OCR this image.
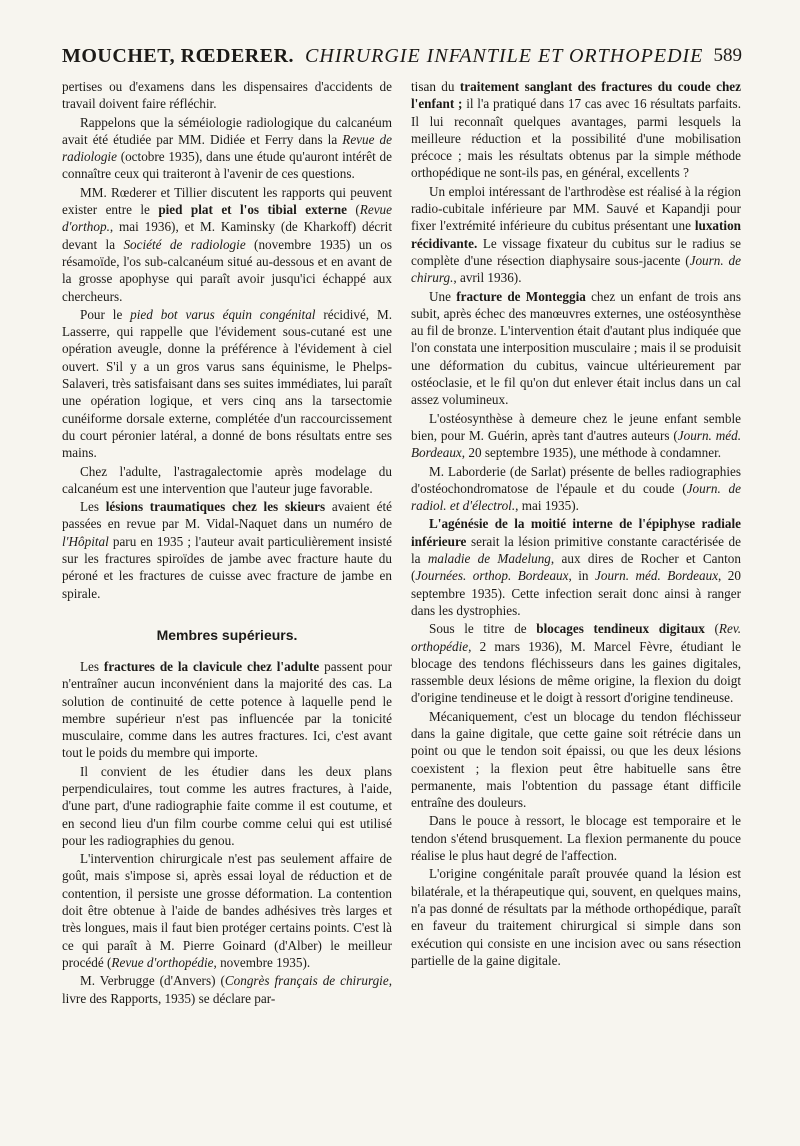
MOUCHET, RŒDERER. CHIRURGIE INFANTILE ET ORTHOPEDIE 589

pertises ou d'examens dans les dispensaires d'accidents de travail doivent faire réfléchir.

Rappelons que la séméiologie radiologique du calcanéum avait été étudiée par MM. Didiée et Ferry dans la Revue de radiologie (octobre 1935), dans une étude qu'auront intérêt de connaître ceux qui traiteront à l'avenir de ces questions.

MM. Rœderer et Tillier discutent les rapports qui peuvent exister entre le pied plat et l'os tibial externe (Revue d'orthop., mai 1936), et M. Kaminsky (de Kharkoff) décrit devant la Société de radiologie (novembre 1935) un os résamoïde, l'os sub-calcanéum situé au-dessous et en avant de la grosse apophyse qui paraît avoir jusqu'ici échappé aux chercheurs.

Pour le pied bot varus équin congénital récidivé, M. Lasserre, qui rappelle que l'évidement sous-cutané est une opération aveugle, donne la préférence à l'évidement à ciel ouvert. S'il y a un gros varus sans équinisme, le Phelps-Salaveri, très satisfaisant dans ses suites immédiates, lui paraît une opération logique, et vers cinq ans la tarsectomie cunéiforme dorsale externe, complétée d'un raccourcissement du court péronier latéral, a donné de bons résultats entre ses mains.

Chez l'adulte, l'astragalectomie après modelage du calcanéum est une intervention que l'auteur juge favorable.

Les lésions traumatiques chez les skieurs avaient été passées en revue par M. Vidal-Naquet dans un numéro de l'Hôpital paru en 1935 ; l'auteur avait particulièrement insisté sur les fractures spiroïdes de jambe avec fracture haute du péroné et les fractures de cuisse avec fracture de jambe en spirale.

Membres supérieurs.

Les fractures de la clavicule chez l'adulte passent pour n'entraîner aucun inconvénient dans la majorité des cas. La solution de continuité de cette potence à laquelle pend le membre supérieur n'est pas influencée par la tonicité musculaire, comme dans les autres fractures. Ici, c'est avant tout le poids du membre qui importe.

Il convient de les étudier dans les deux plans perpendiculaires, tout comme les autres fractures, à l'aide, d'une part, d'une radiographie faite comme il est coutume, et en second lieu d'un film courbe comme celui qui est utilisé pour les radiographies du genou.

L'intervention chirurgicale n'est pas seulement affaire de goût, mais s'impose si, après essai loyal de réduction et de contention, il persiste une grosse déformation. La contention doit être obtenue à l'aide de bandes adhésives très larges et très longues, mais il faut bien protéger certains points. C'est là ce qui paraît à M. Pierre Goinard (d'Alber) le meilleur procédé (Revue d'orthopédie, novembre 1935).

M. Verbrugge (d'Anvers) (Congrès français de chirurgie, livre des Rapports, 1935) se déclare par-

tisan du traitement sanglant des fractures du coude chez l'enfant ; il l'a pratiqué dans 17 cas avec 16 résultats parfaits. Il lui reconnaît quelques avantages, parmi lesquels la meilleure réduction et la possibilité d'une mobilisation précoce ; mais les résultats obtenus par la simple méthode orthopédique ne sont-ils pas, en général, excellents ?

Un emploi intéressant de l'arthrodèse est réalisé à la région radio-cubitale inférieure par MM. Sauvé et Kapandji pour fixer l'extrémité inférieure du cubitus présentant une luxation récidivante. Le vissage fixateur du cubitus sur le radius se complète d'une résection diaphysaire sous-jacente (Journ. de chirurg., avril 1936).

Une fracture de Monteggia chez un enfant de trois ans subit, après échec des manœuvres externes, une ostéosynthèse au fil de bronze. L'intervention était d'autant plus indiquée que l'on constata une interposition musculaire ; mais il se produisit une déformation du cubitus, vaincue ultérieurement par ostéoclasie, et le fil qu'on dut enlever était inclus dans un cal assez volumineux.

L'ostéosynthèse à demeure chez le jeune enfant semble bien, pour M. Guérin, après tant d'autres auteurs (Journ. méd. Bordeaux, 20 septembre 1935), une méthode à condamner.

M. Laborderie (de Sarlat) présente de belles radiographies d'ostéochondromatose de l'épaule et du coude (Journ. de radiol. et d'électrol., mai 1935).

L'agénésie de la moitié interne de l'épiphyse radiale inférieure serait la lésion primitive constante caractérisée de la maladie de Madelung, aux dires de Rocher et Canton (Journées. orthop. Bordeaux, in Journ. méd. Bordeaux, 20 septembre 1935). Cette infection serait donc ainsi à ranger dans les dystrophies.

Sous le titre de blocages tendineux digitaux (Rev. orthopédie, 2 mars 1936), M. Marcel Fèvre, étudiant le blocage des tendons fléchisseurs dans les gaines digitales, rassemble deux lésions de même origine, la flexion du doigt d'origine tendineuse et le doigt à ressort d'origine tendineuse.

Mécaniquement, c'est un blocage du tendon fléchisseur dans la gaine digitale, que cette gaine soit rétrécie dans un point ou que le tendon soit épaissi, ou que les deux lésions coexistent ; la flexion peut être habituelle sans être permanente, mais l'obtention du passage étant difficile entraîne des douleurs.

Dans le pouce à ressort, le blocage est temporaire et le tendon s'étend brusquement. La flexion permanente du pouce réalise le plus haut degré de l'affection.

L'origine congénitale paraît prouvée quand la lésion est bilatérale, et la thérapeutique qui, souvent, en quelques mains, n'a pas donné de résultats par la méthode orthopédique, paraît en faveur du traitement chirurgical si simple dans son exécution qui consiste en une incision avec ou sans résection partielle de la gaine digitale.
